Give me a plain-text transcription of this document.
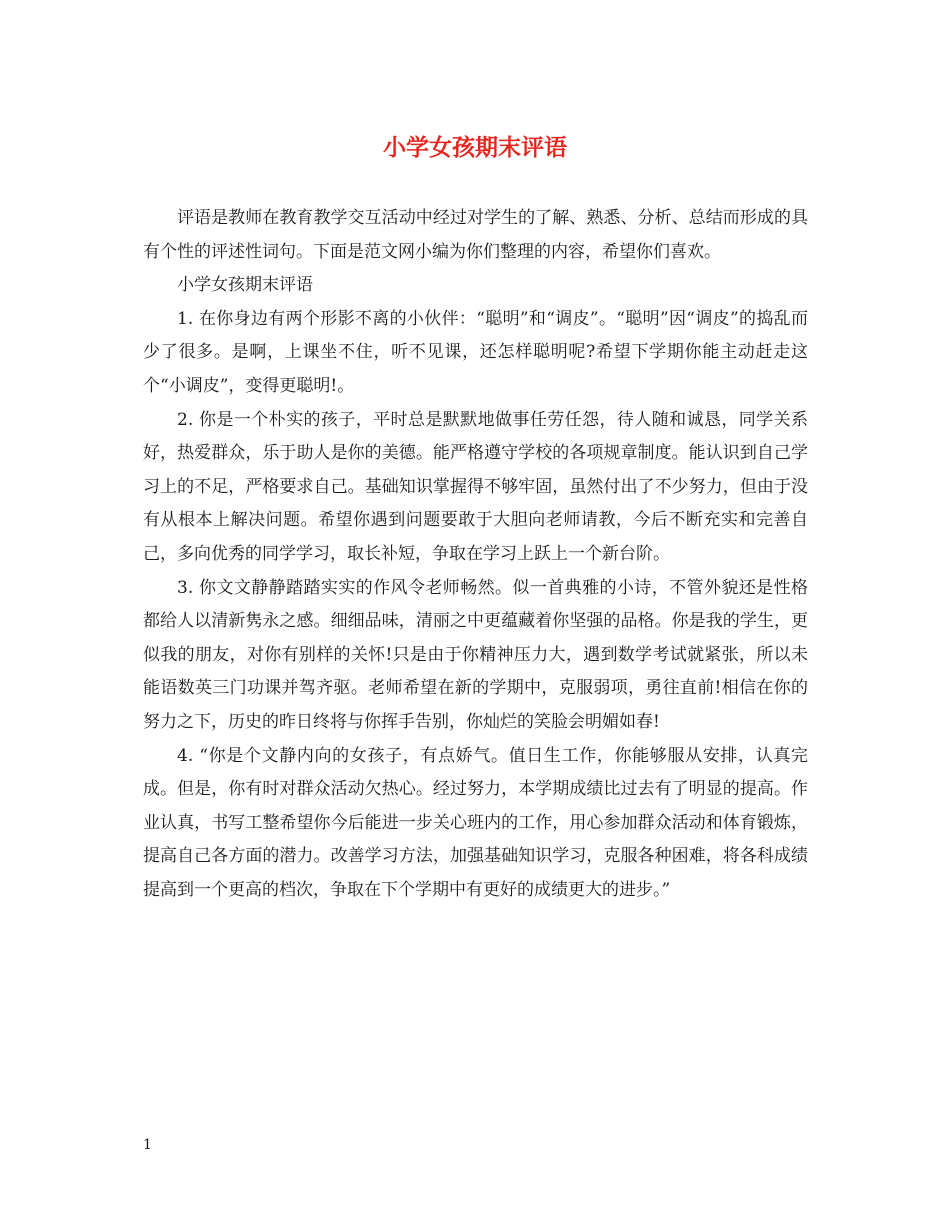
小学女孩期末评语

评语是教师在教育教学交互活动中经过对学生的了解、熟悉、分析、总结而形成的具有个性的评述性词句。下面是范文网小编为你们整理的内容，希望你们喜欢。

小学女孩期末评语

1. 在你身边有两个形影不离的小伙伴：“聪明”和“调皮”。“聪明”因“调皮”的捣乱而少了很多。是啊，上课坐不住，听不见课，还怎样聪明呢?希望下学期你能主动赶走这个“小调皮”，变得更聪明!。

2. 你是一个朴实的孩子，平时总是默默地做事任劳任怨，待人随和诚恳，同学关系好，热爱群众，乐于助人是你的美德。能严格遵守学校的各项规章制度。能认识到自己学习上的不足，严格要求自己。基础知识掌握得不够牢固，虽然付出了不少努力，但由于没有从根本上解决问题。希望你遇到问题要敢于大胆向老师请教，今后不断充实和完善自己，多向优秀的同学学习，取长补短，争取在学习上跃上一个新台阶。

3. 你文文静静踏踏实实的作风令老师畅然。似一首典雅的小诗，不管外貌还是性格都给人以清新隽永之感。细细品味，清丽之中更蕴藏着你坚强的品格。你是我的学生，更似我的朋友，对你有别样的关怀!只是由于你精神压力大，遇到数学考试就紧张，所以未能语数英三门功课并驾齐驱。老师希望在新的学期中，克服弱项，勇往直前!相信在你的努力之下，历史的昨日终将与你挥手告别，你灿烂的笑脸会明媚如春!

4. “你是个文静内向的女孩子，有点娇气。值日生工作，你能够服从安排，认真完成。但是，你有时对群众活动欠热心。经过努力，本学期成绩比过去有了明显的提高。作业认真，书写工整希望你今后能进一步关心班内的工作，用心参加群众活动和体育锻炼，提高自己各方面的潜力。改善学习方法，加强基础知识学习，克服各种困难，将各科成绩提高到一个更高的档次，争取在下个学期中有更好的成绩更大的进步。”

1
